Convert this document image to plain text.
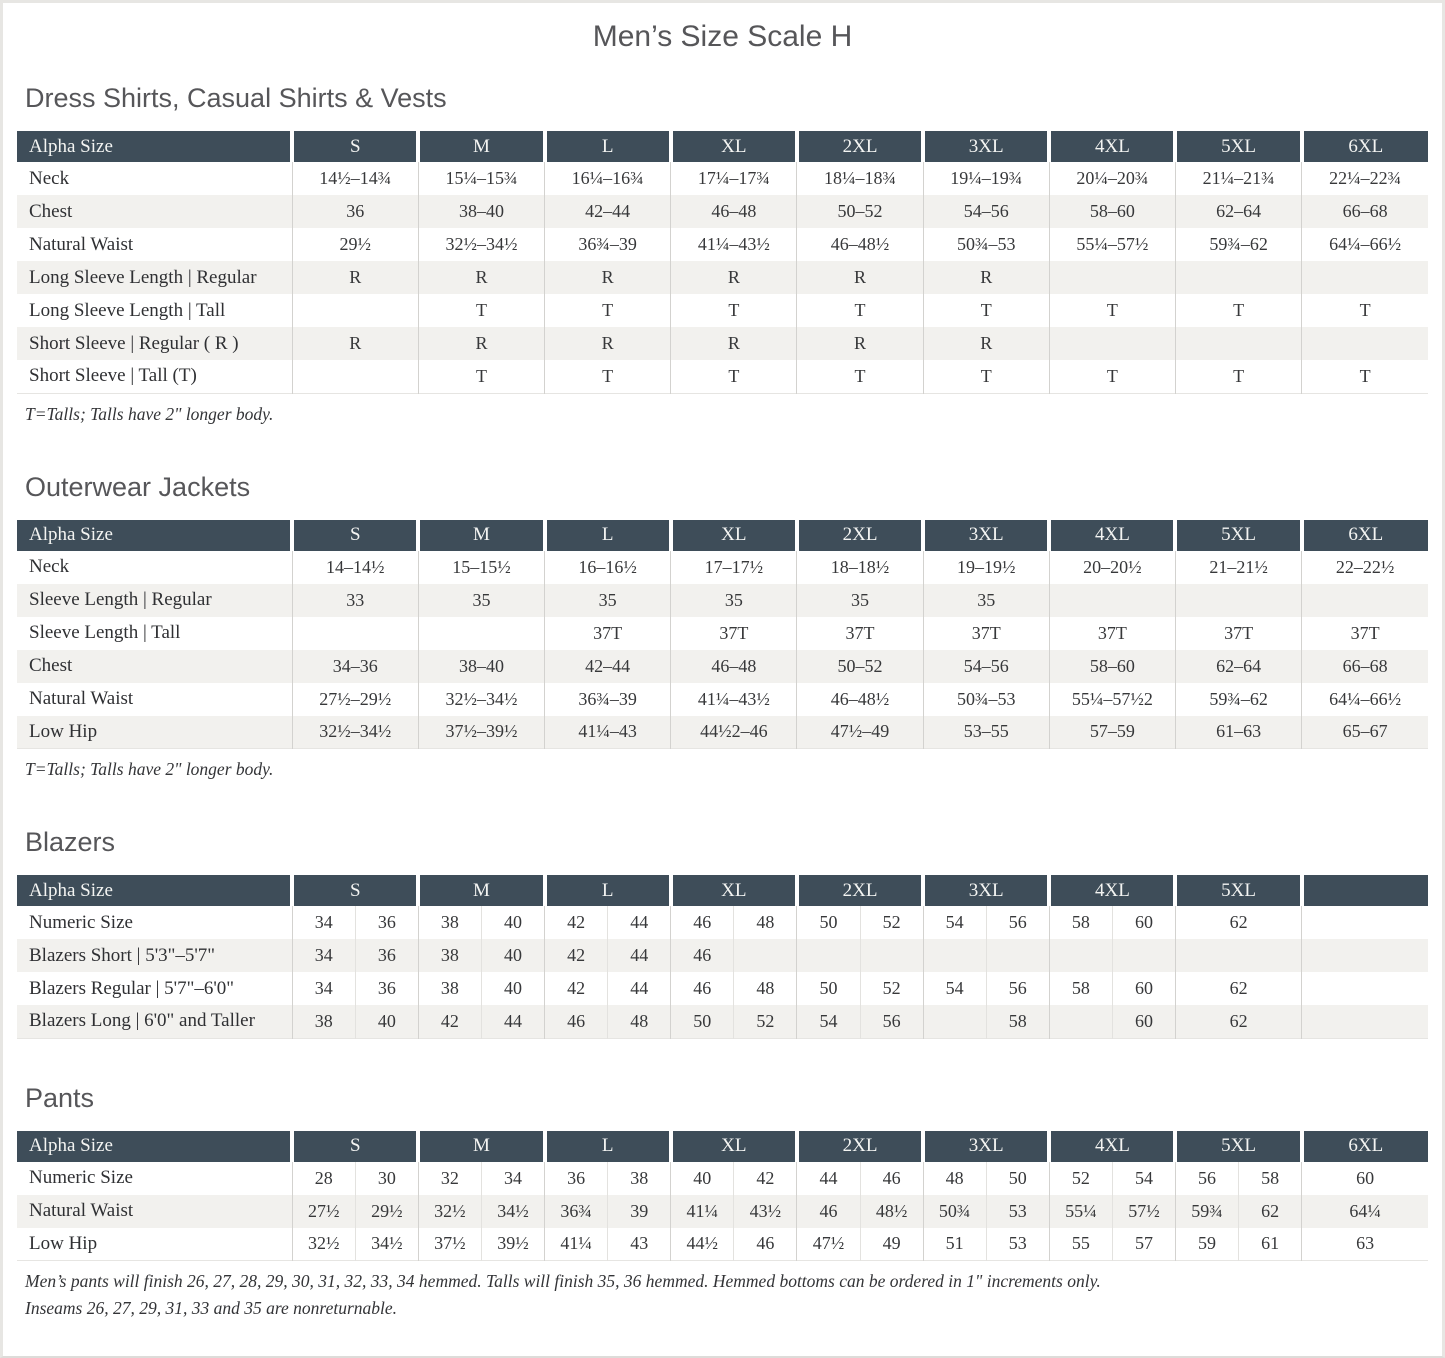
Men’s Size Scale H
Dress Shirts, Casual Shirts & Vests
Alpha Size	S	M	L	XL	2XL	3XL	4XL	5XL	6XL
Neck	14½–14¾	15¼–15¾	16¼–16¾	17¼–17¾	18¼–18¾	19¼–19¾	20¼–20¾	21¼–21¾	22¼–22¾
Chest	36	38–40	42–44	46–48	50–52	54–56	58–60	62–64	66–68
Natural Waist	29½	32½–34½	36¾–39	41¼–43½	46–48½	50¾–53	55¼–57½	59¾–62	64¼–66½
Long Sleeve Length | Regular	R	R	R	R	R	R			
Long Sleeve Length | Tall		T	T	T	T	T	T	T	T
Short Sleeve | Regular ( R )	R	R	R	R	R	R			
Short Sleeve | Tall (T)		T	T	T	T	T	T	T	T

T=Talls; Talls have 2" longer body.

Outerwear Jackets
Alpha Size	S	M	L	XL	2XL	3XL	4XL	5XL	6XL
Neck	14–14½	15–15½	16–16½	17–17½	18–18½	19–19½	20–20½	21–21½	22–22½
Sleeve Length | Regular	33	35	35	35	35	35			
Sleeve Length | Tall			37T	37T	37T	37T	37T	37T	37T
Chest	34–36	38–40	42–44	46–48	50–52	54–56	58–60	62–64	66–68
Natural Waist	27½–29½	32½–34½	36¾–39	41¼–43½	46–48½	50¾–53	55¼–57½2	59¾–62	64¼–66½
Low Hip	32½–34½	37½–39½	41¼–43	44½2–46	47½–49	53–55	57–59	61–63	65–67

T=Talls; Talls have 2" longer body.

Blazers
Alpha Size	S		M		L		XL		2XL		3XL		4XL		5XL	
Numeric Size	34	36	38	40	42	44	46	48	50	52	54	56	58	60	62	
Blazers Short | 5'3"–5'7"	34	36	38	40	42	44	46									
Blazers Regular | 5'7"–6'0"	34	36	38	40	42	44	46	48	50	52	54	56	58	60	62	
Blazers Long | 6'0" and Taller	38	40	42	44	46	48	50	52	54	56		58		60	62	
Pants
Alpha Size	S		M		L		XL		2XL		3XL		4XL		5XL		6XL
Numeric Size	28	30	32	34	36	38	40	42	44	46	48	50	52	54	56	58	60
Natural Waist	27½	29½	32½	34½	36¾	39	41¼	43½	46	48½	50¾	53	55¼	57½	59¾	62	64¼
Low Hip	32½	34½	37½	39½	41¼	43	44½	46	47½	49	51	53	55	57	59	61	63

Men’s pants will finish 26, 27, 28, 29, 30, 31, 32, 33, 34 hemmed. Talls will finish 35, 36 hemmed. Hemmed bottoms can be ordered in 1" increments only.

Inseams 26, 27, 29, 31, 33 and 35 are nonreturnable.
